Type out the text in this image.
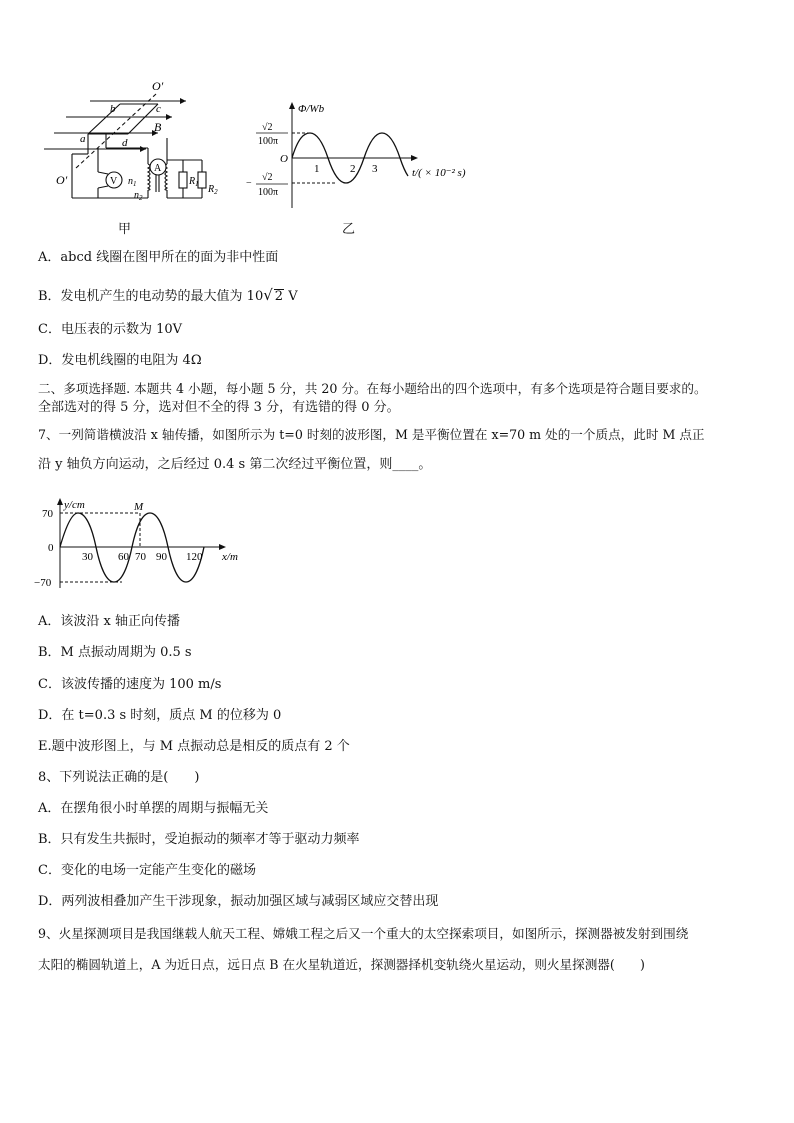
O′
b	c
B
a	d
O′	V
A
$n_1$
$n_2$
$R_1$ $R_2$
甲
Φ/Wb
√2
100π
−
√2
100π
O
1	2 3	t/( × 10⁻² s)
乙
A．abcd 线圈在图甲所在的面为非中性面
B．发电机产生的电动势的最大值为 10√ 2 V
C．电压表的示数为 10V
D．发电机线圈的电阻为 4Ω
二、多项选择题. 本题共 4 小题，每小题 5 分，共 20 分。在每小题给出的四个选项中，有多个选项是符合题目要求的。
全部选对的得 5 分，选对但不全的得 3 分，有选错的得 0 分。
7、一列简谐横波沿 x 轴传播，如图所示为 t=0 时刻的波形图，M 是平衡位置在 x=70 m 处的一个质点，此时 M 点正
沿 y 轴负方向运动，之后经过 0.4 s 第二次经过平衡位置，则____。
y/cm
70
0
−70
M
30 60 70 90 120 x/m
A．该波沿 x 轴正向传播
B．M 点振动周期为 0.5 s
C．该波传播的速度为 100 m/s
D．在 t=0.3 s 时刻，质点 M 的位移为 0
E.题中波形图上，与 M 点振动总是相反的质点有 2 个
8、下列说法正确的是(　　)
A．在摆角很小时单摆的周期与振幅无关
B．只有发生共振时，受迫振动的频率才等于驱动力频率
C．变化的电场一定能产生变化的磁场
D．两列波相叠加产生干涉现象，振动加强区域与减弱区域应交替出现
9、火星探测项目是我国继载人航天工程、嫦娥工程之后又一个重大的太空探索项目，如图所示，探测器被发射到围绕
太阳的椭圆轨道上，A 为近日点，远日点 B 在火星轨道近，探测器择机变轨绕火星运动，则火星探测器(　　)
